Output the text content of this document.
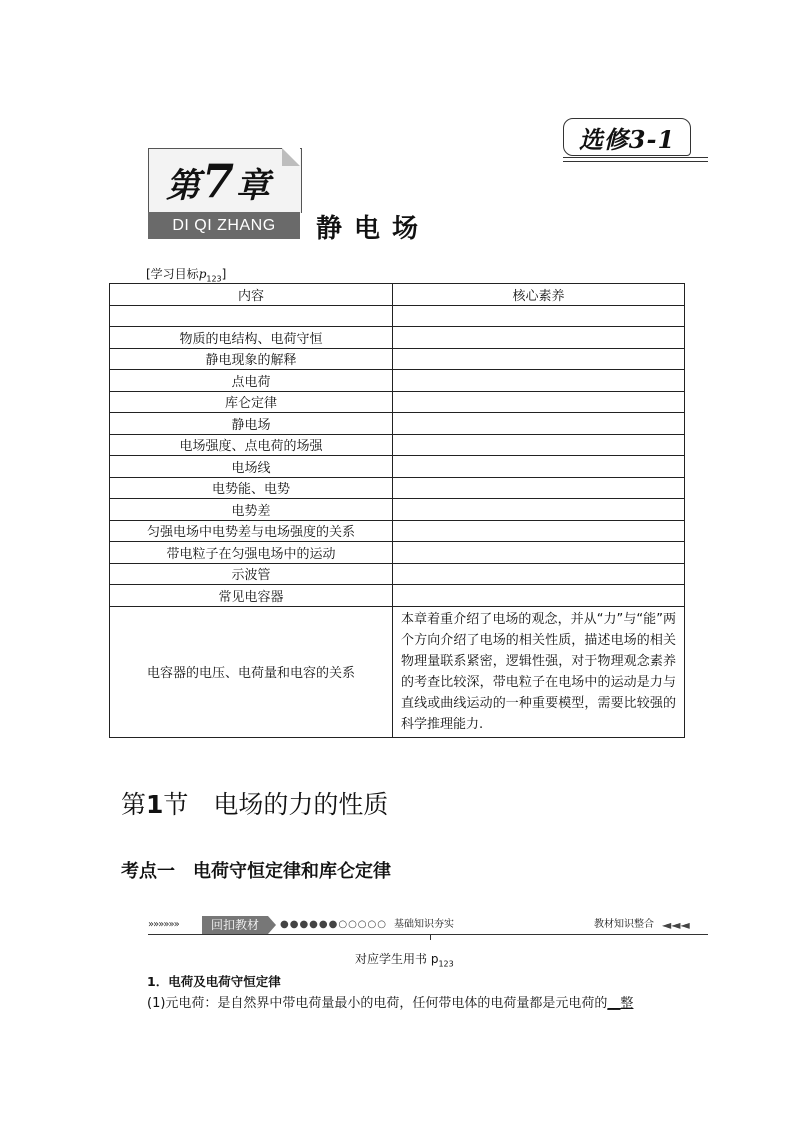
选修3-1
第7章
DI QI ZHANG	静电场
[学习目标$p_{123}$]
内容	核心素养

物质的电结构、电荷守恒	
静电现象的解释	
点电荷	
库仑定律	
静电场	
电场强度、点电荷的场强	
电场线	
电势能、电势	
电势差	
匀强电场中电势差与电场强度的关系	
带电粒子在匀强电场中的运动	
示波管	
常见电容器	
电容器的电压、电荷量和电容的关系	本章着重介绍了电场的观念，并从“力”与“能”两个方向介绍了电场的相关性质，描述电场的相关物理量联系紧密，逻辑性强，对于物理观念素养的考查比较深，带电粒子在电场中的运动是力与直线或曲线运动的一种重要模型，需要比较强的科学推理能力.
第1节　电场的力的性质
考点一　电荷守恒定律和库仑定律
»»»»»»	回扣教材	●●●●●●○○○○○ 基础知识夯实	教材知识整合 ◄◄◄
对应学生用书 $p_{123}$
1．电荷及电荷守恒定律
(1)元电荷：是自然界中带电荷量最小的电荷，任何带电体的电荷量都是元电荷的__整
